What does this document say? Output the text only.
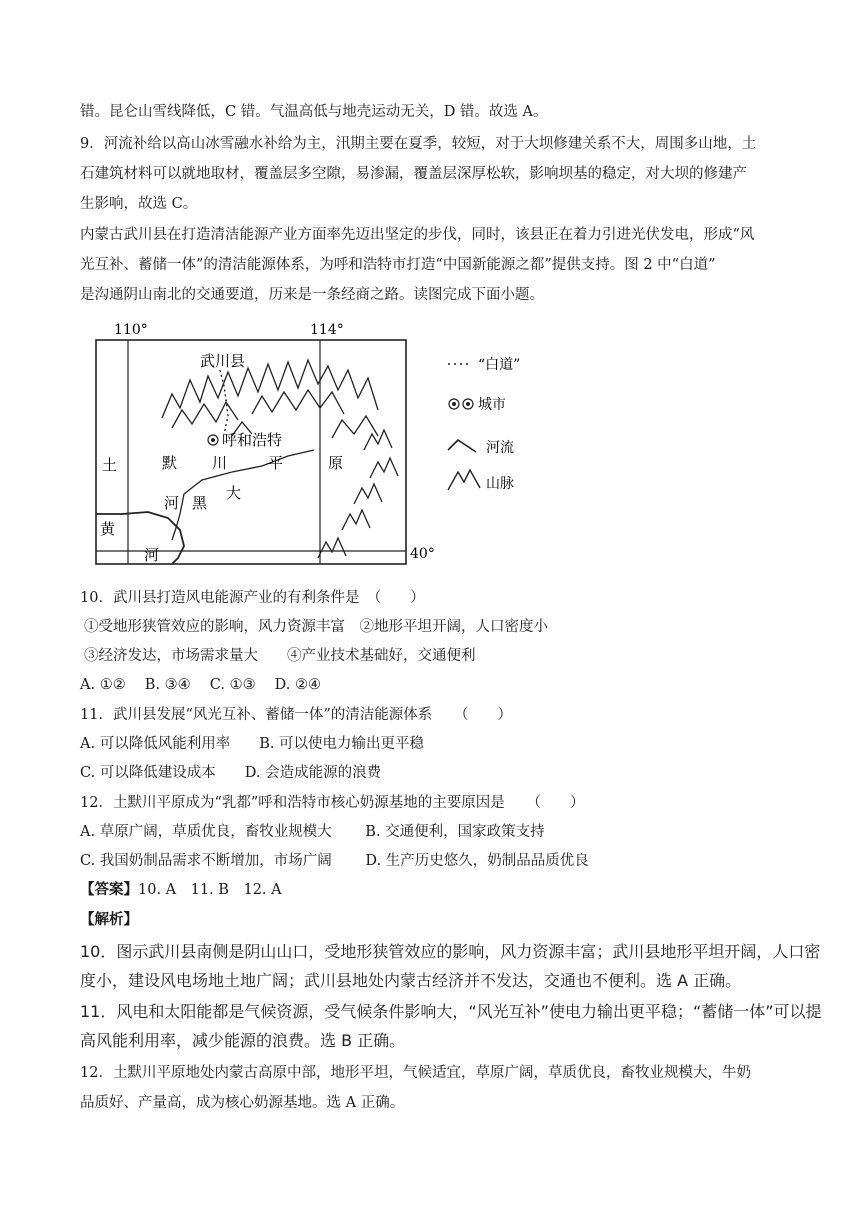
错。昆仑山雪线降低，C 错。气温高低与地壳运动无关，D 错。故选 A。
9．河流补给以高山冰雪融水补给为主，汛期主要在夏季，较短，对于大坝修建关系不大，周围多山地，土
石建筑材料可以就地取材，覆盖层多空隙，易渗漏，覆盖层深厚松软，影响坝基的稳定，对大坝的修建产
生影响，故选 C。
内蒙古武川县在打造清洁能源产业方面率先迈出坚定的步伐，同时，该县正在着力引进光伏发电，形成“风
光互补、蓄储一体”的清洁能源体系，为呼和浩特市打造“中国新能源之都”提供支持。图 2 中“白道”
是沟通阴山南北的交通要道，历来是一条经商之路。读图完成下面小题。
110°	114°
40°
武川县
呼和浩特
土	默 川	平	原
大
黑
河
黄
河
“白道”
城市
河流
山脉
10．武川县打造风电能源产业的有利条件是　（　　）
①受地形狭管效应的影响，风力资源丰富　②地形平坦开阔，人口密度小
③经济发达，市场需求量大　　④产业技术基础好，交通便利
A. ①②　 B. ③④　 C. ①③　 D. ②④
11．武川县发展“风光互补、蓄储一体”的清洁能源体系　　（　　）
A. 可以降低风能利用率　　B. 可以使电力输出更平稳
C. 可以降低建设成本　　D. 会造成能源的浪费
12．土默川平原成为“乳都”呼和浩特市核心奶源基地的主要原因是　　（　　）
A. 草原广阔，草质优良，畜牧业规模大　　 B. 交通便利，国家政策支持
C. 我国奶制品需求不断增加，市场广阔　　 D. 生产历史悠久，奶制品品质优良
【答案】10. A　11. B　12. A
【解析】
10．图示武川县南侧是阴山山口，受地形狭管效应的影响，风力资源丰富；武川县地形平坦开阔，人口密
度小，建设风电场地土地广阔；武川县地处内蒙古经济并不发达，交通也不便利。选 A 正确。
11．风电和太阳能都是气候资源，受气候条件影响大，“风光互补”使电力输出更平稳；“蓄储一体”可以提
高风能利用率，减少能源的浪费。选 B 正确。
12．土默川平原地处内蒙古高原中部，地形平坦，气候适宜，草原广阔，草质优良，畜牧业规模大，牛奶
品质好、产量高，成为核心奶源基地。选 A 正确。
